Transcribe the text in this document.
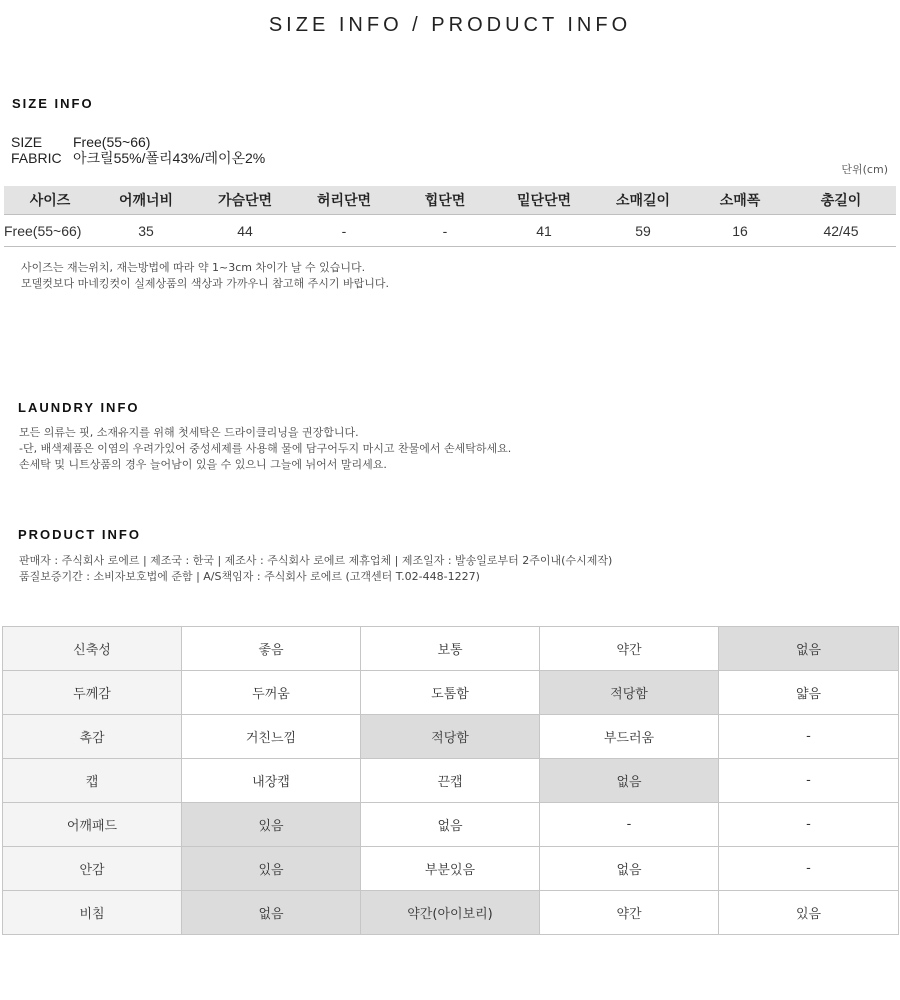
SIZE INFO / PRODUCT INFO
SIZE INFO
SIZE Free(55~66)
FABRIC 아크릴55%/폴리43%/레이온2%
단위(cm)
사이즈	어깨너비	가슴단면	허리단면	힙단면	밑단단면	소매길이	소매폭	총길이
Free(55~66)	35	44	-	-	41	59	16	42/45
사이즈는 재는위치, 재는방법에 따라 약 1~3cm 차이가 날 수 있습니다.
모델컷보다 마네킹컷이 실제상품의 색상과 가까우니 참고해 주시기 바랍니다.
LAUNDRY INFO
모든 의류는 핏, 소재유지를 위해 첫세탁은 드라이클리닝을 권장합니다.
-단, 배색제품은 이염의 우려가있어 중성세제를 사용해 물에 담구어두지 마시고 찬물에서 손세탁하세요.
손세탁 및 니트상품의 경우 늘어남이 있을 수 있으니 그늘에 뉘어서 말리세요.
PRODUCT INFO
판매자 : 주식회사 로에르 | 제조국 : 한국 | 제조사 : 주식회사 로에르 제휴업체 | 제조일자 : 발송일로부터 2주이내(수시제작)
품질보증기간 : 소비자보호법에 준함 | A/S책임자 : 주식회사 로에르 (고객센터 T.02-448-1227)
신축성	좋음	보통	약간	없음
두께감	두꺼움	도톰함	적당함	얇음
촉감	거친느낌	적당함	부드러움	-
캡	내장캡	끈캡	없음	-
어깨패드	있음	없음	-	-
안감	있음	부분있음	없음	-
비침	없음	약간(아이보리)	약간	있음
